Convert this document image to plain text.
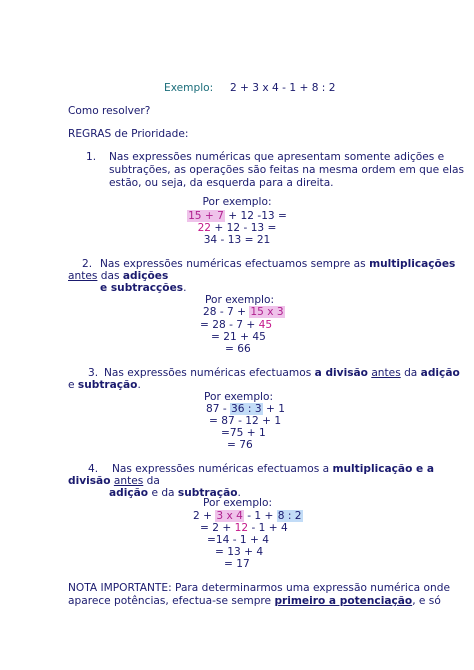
Exemplo: 2 + 3 x 4 - 1 + 8 : 2
Como resolver?
REGRAS de Prioridade:
1. Nas expressões numéricas que apresentam somente adições e
subtrações, as operações são feitas na mesma ordem em que elas
estão, ou seja, da esquerda para a direita.
Por exemplo:
15 + 7 + 12 -13 =
22 + 12 - 13 =
34 - 13 = 21
2. Nas expressões numéricas efectuamos sempre as multiplicações
antes das adições
e subtracções.
Por exemplo:
28 - 7 + 15 x 3
= 28 - 7 + 45
= 21 + 45
= 66
3. Nas expressões numéricas efectuamos a divisão antes da adição
e subtração.
Por exemplo:
87 - 36 : 3 + 1
= 87 - 12 + 1
=75 + 1
= 76
4. Nas expressões numéricas efectuamos a multiplicação e a
divisão antes da
adição e da subtração.
Por exemplo:
2 + 3 x 4 - 1 + 8 : 2
= 2 + 12 - 1 + 4
=14 - 1 + 4
= 13 + 4
= 17
NOTA IMPORTANTE: Para determinarmos uma expressão numérica onde
aparece potências, efectua-se sempre primeiro a potenciação, e só
